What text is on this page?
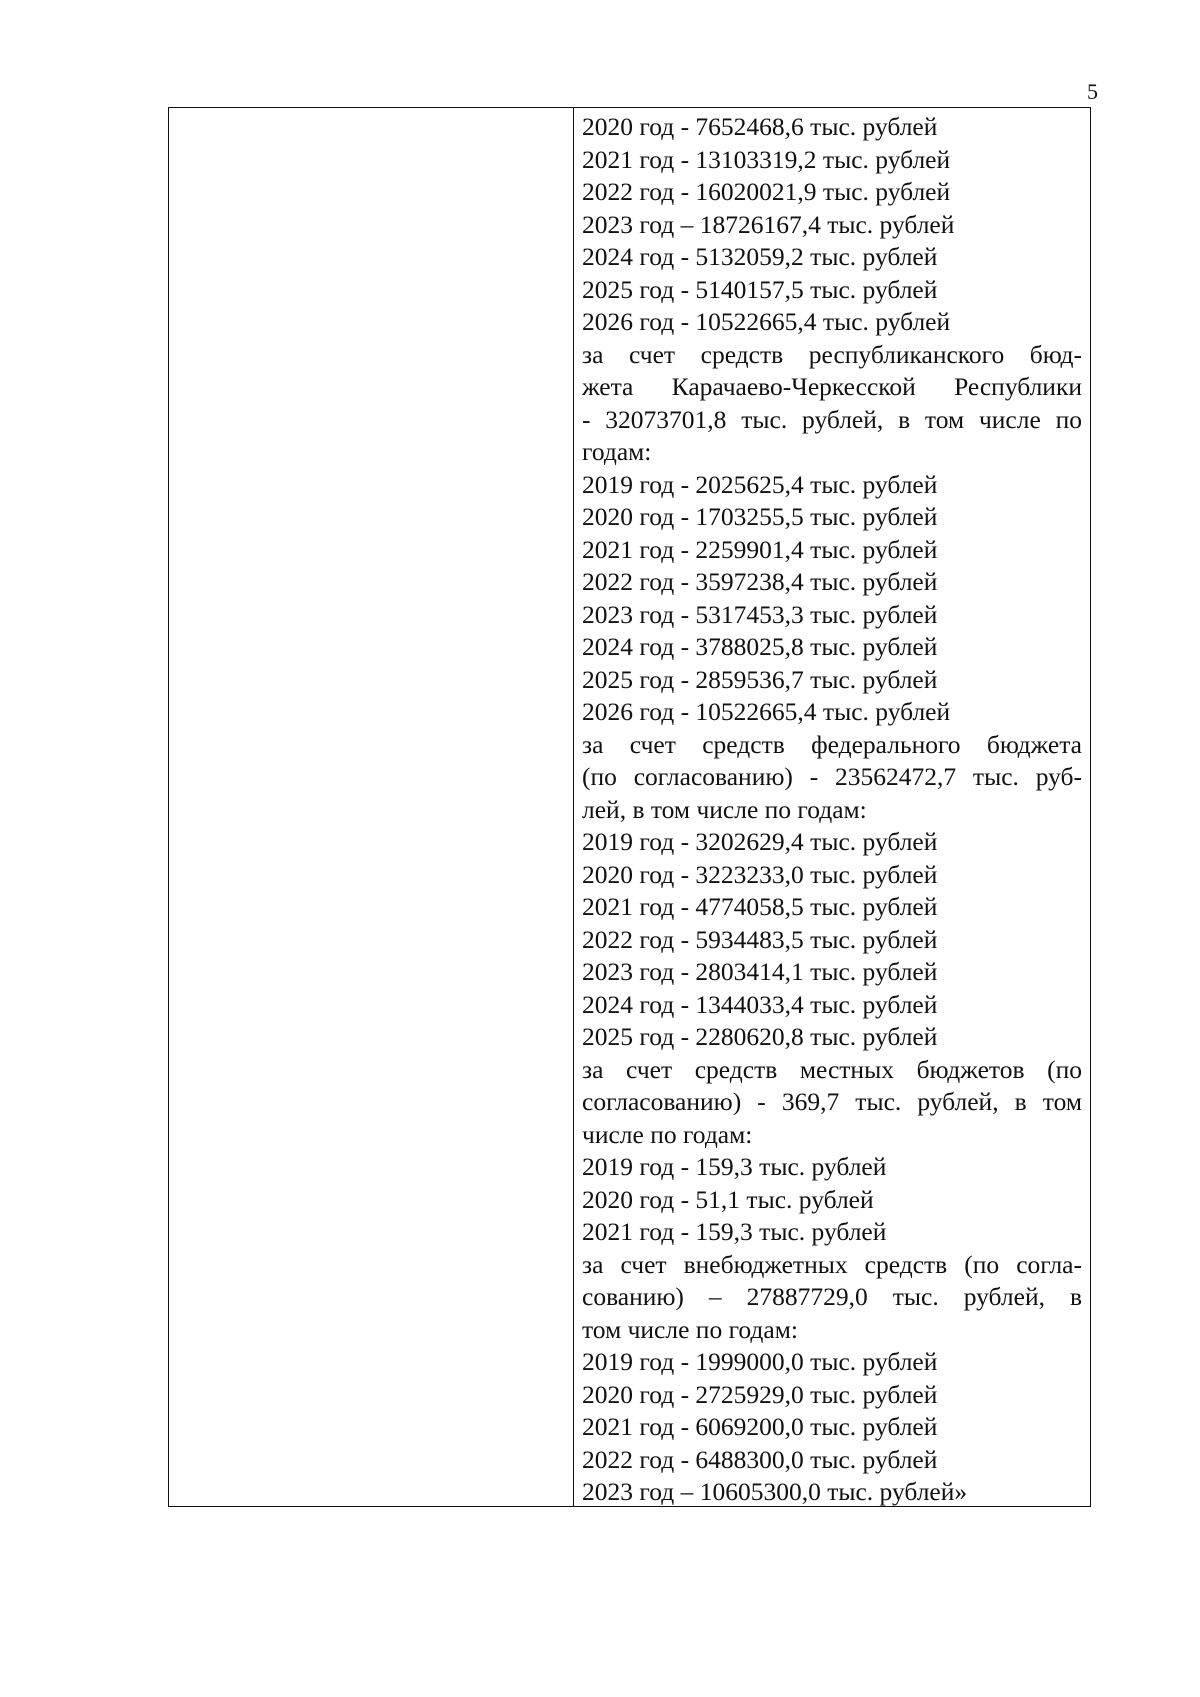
5
2020 год - 7652468,6 тыс. рублей
2021 год - 13103319,2 тыс. рублей
2022 год - 16020021,9 тыс. рублей
2023 год – 18726167,4 тыс. рублей
2024 год - 5132059,2 тыс. рублей
2025 год - 5140157,5 тыс. рублей
2026 год - 10522665,4 тыс. рублей
за счет средств республиканского бюд-
жета Карачаево-Черкесской Республики
- 32073701,8 тыс. рублей, в том числе по
годам:
2019 год - 2025625,4 тыс. рублей
2020 год - 1703255,5 тыс. рублей
2021 год - 2259901,4 тыс. рублей
2022 год - 3597238,4 тыс. рублей
2023 год - 5317453,3 тыс. рублей
2024 год - 3788025,8 тыс. рублей
2025 год - 2859536,7 тыс. рублей
2026 год - 10522665,4 тыс. рублей
за счет средств федерального бюджета
(по согласованию) - 23562472,7 тыс. руб-
лей, в том числе по годам:
2019 год - 3202629,4 тыс. рублей
2020 год - 3223233,0 тыс. рублей
2021 год - 4774058,5 тыс. рублей
2022 год - 5934483,5 тыс. рублей
2023 год - 2803414,1 тыс. рублей
2024 год - 1344033,4 тыс. рублей
2025 год - 2280620,8 тыс. рублей
за счет средств местных бюджетов (по
согласованию) - 369,7 тыс. рублей, в том
числе по годам:
2019 год - 159,3 тыс. рублей
2020 год - 51,1 тыс. рублей
2021 год - 159,3 тыс. рублей
за счет внебюджетных средств (по согла-
сованию) – 27887729,0 тыс. рублей, в
том числе по годам:
2019 год - 1999000,0 тыс. рублей
2020 год - 2725929,0 тыс. рублей
2021 год - 6069200,0 тыс. рублей
2022 год - 6488300,0 тыс. рублей
2023 год – 10605300,0 тыс. рублей»
